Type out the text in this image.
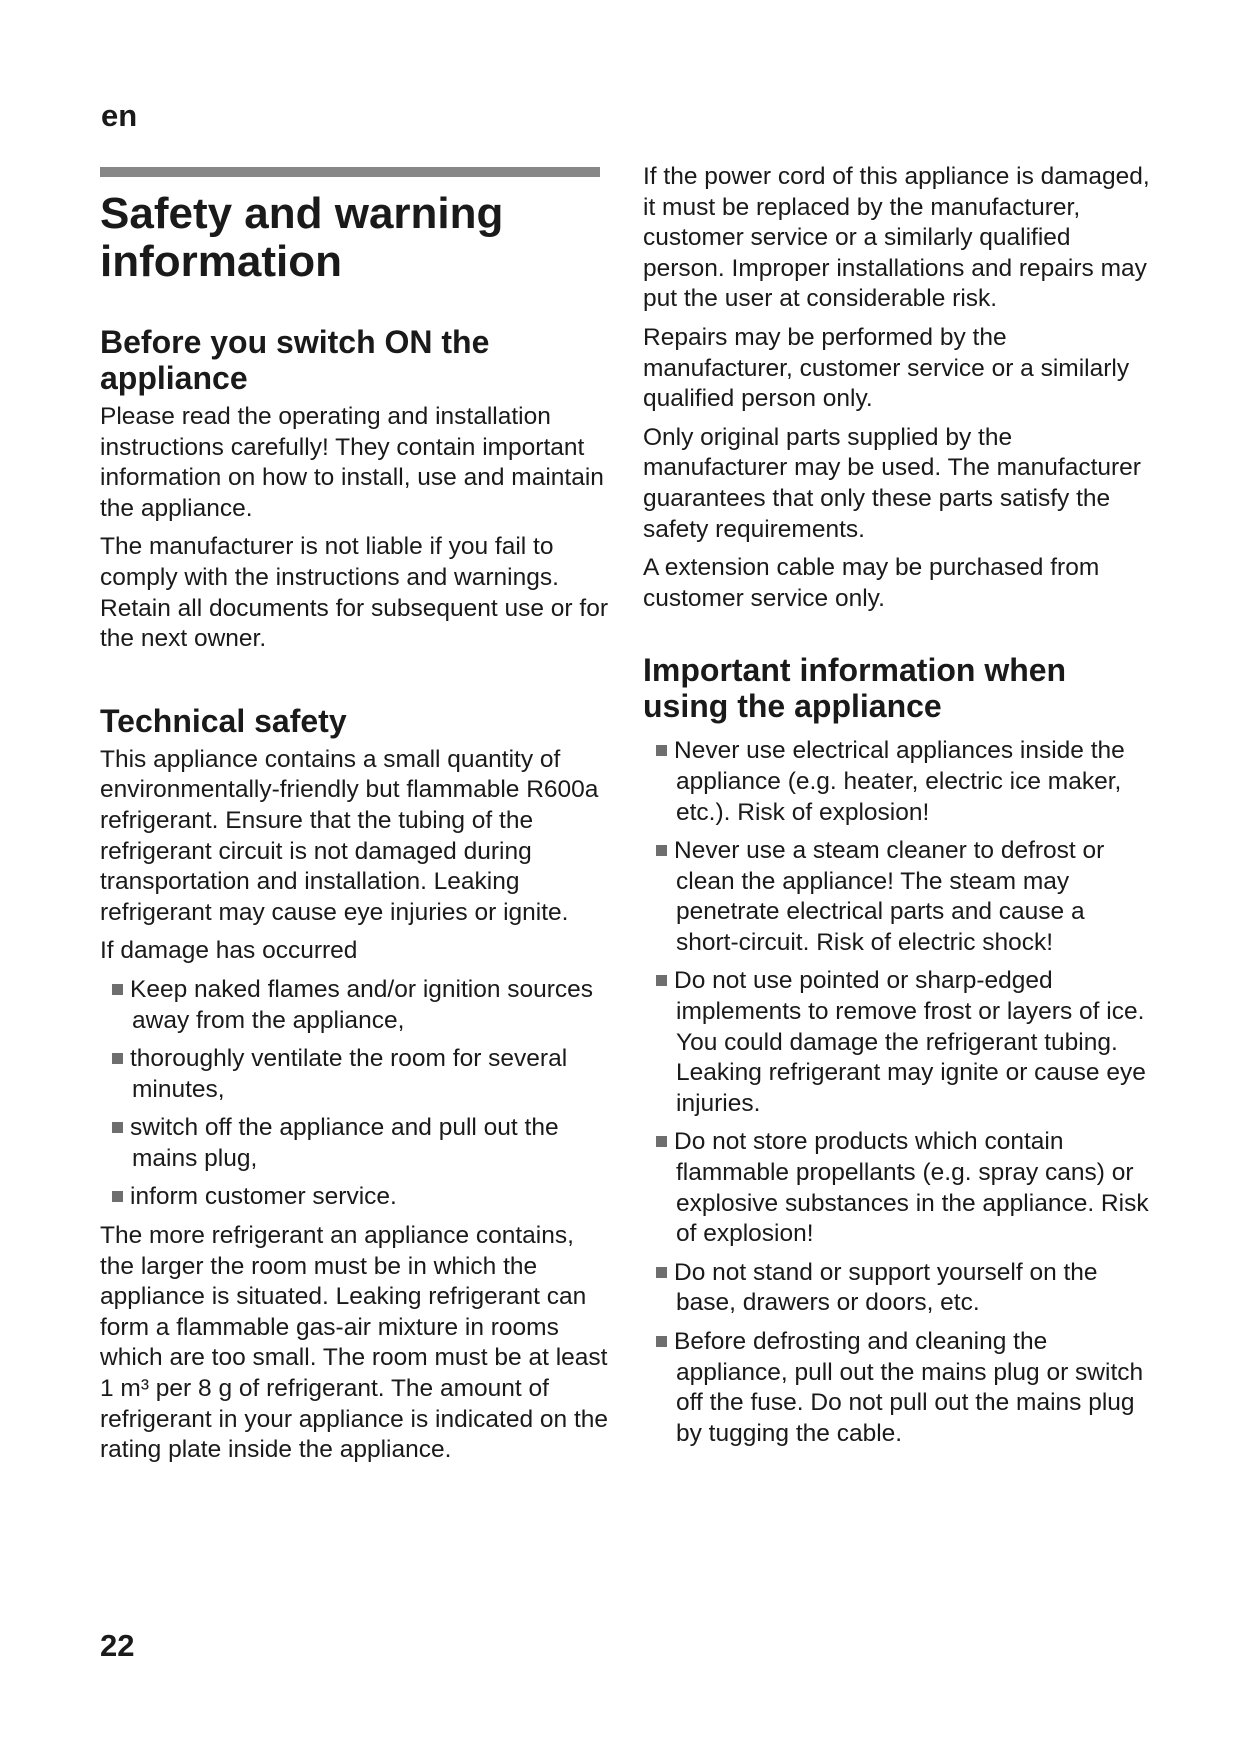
en
Safety and warning information
Before you switch ON the appliance

Please read the operating and installation instructions carefully! They contain important information on how to install, use and maintain the appliance.

The manufacturer is not liable if you fail to comply with the instructions and warnings. Retain all documents for subsequent use or for the next owner.

Technical safety

This appliance contains a small quantity of environmentally-friendly but flammable R600a refrigerant. Ensure that the tubing of the refrigerant circuit is not damaged during transportation and installation. Leaking refrigerant may cause eye injuries or ignite.

If damage has occurred

Keep naked flames and/or ignition sources away from the appliance,
thoroughly ventilate the room for several minutes,
switch off the appliance and pull out the mains plug,
inform customer service.

The more refrigerant an appliance contains, the larger the room must be in which the appliance is situated. Leaking refrigerant can form a flammable gas-air mixture in rooms which are too small. The room must be at least 1 m³ per 8 g of refrigerant. The amount of refrigerant in your appliance is indicated on the rating plate inside the appliance.

If the power cord of this appliance is damaged, it must be replaced by the manufacturer, customer service or a similarly qualified person. Improper installations and repairs may put the user at considerable risk.

Repairs may be performed by the manufacturer, customer service or a similarly qualified person only.

Only original parts supplied by the manufacturer may be used. The manufacturer guarantees that only these parts satisfy the safety requirements.

A extension cable may be purchased from customer service only.

Important information when using the appliance
Never use electrical appliances inside the appliance (e.g. heater, electric ice maker, etc.). Risk of explosion!
Never use a steam cleaner to defrost or clean the appliance! The steam may penetrate electrical parts and cause a short-circuit. Risk of electric shock!
Do not use pointed or sharp-edged implements to remove frost or layers of ice. You could damage the refrigerant tubing. Leaking refrigerant may ignite or cause eye injuries.
Do not store products which contain flammable propellants (e.g. spray cans) or explosive substances in the appliance. Risk of explosion!
Do not stand or support yourself on the base, drawers or doors, etc.
Before defrosting and cleaning the appliance, pull out the mains plug or switch off the fuse. Do not pull out the mains plug by tugging the cable.
22
